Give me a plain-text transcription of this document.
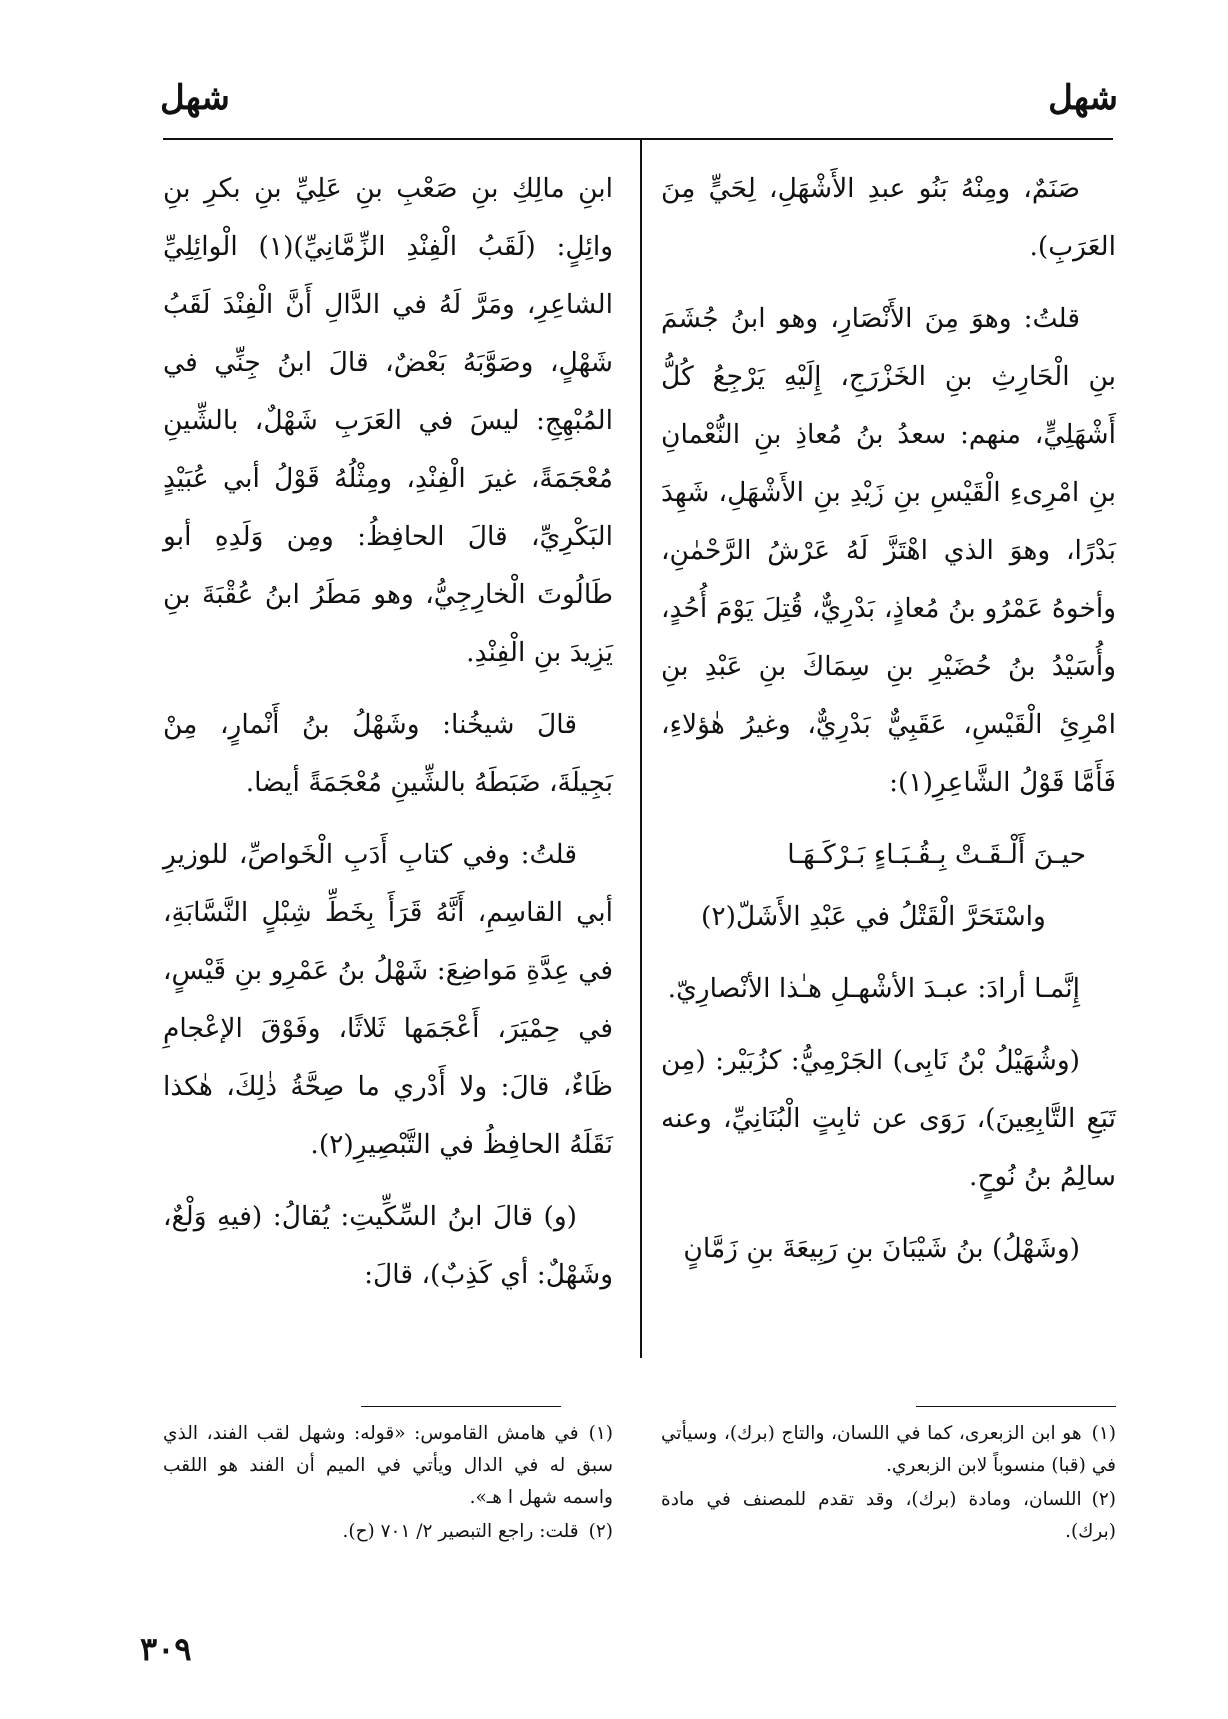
شهل
شهل

صَنَمٌ، ومِنْهُ بَنُو عبدِ الأَشْهَلِ، لِحَيٍّ مِنَ العَرَبِ).

قلتُ: وهوَ مِنَ الأَنْصَارِ، وهو ابنُ جُشَمَ بنِ الْحَارِثِ بنِ الخَزْرَجِ، إِلَيْهِ يَرْجِعُ كُلُّ أَشْهَلِيٍّ، منهم: سعدُ بنُ مُعاذِ بنِ النُّعْمانِ بنِ امْرِىءِ الْقَيْسِ بنِ زَيْدِ بنِ الأَشْهَلِ، شَهِدَ بَدْرًا، وهوَ الذي اهْتَزَّ لَهُ عَرْشُ الرَّحْمٰنِ، وأخوهُ عَمْرُو بنُ مُعاذٍ، بَدْرِيٌّ، قُتِلَ يَوْمَ أُحُدٍ، وأُسَيْدُ بنُ حُضَيْرِ بنِ سِمَاكَ بنِ عَبْدِ بنِ امْرِئِ الْقَيْسِ، عَقَبِيٌّ بَدْرِيٌّ، وغيرُ هٰؤلاءِ، فَأَمَّا قَوْلُ الشَّاعِرِ(١):

حيـنَ أَلْـقَـتْ بِـقُـبَـاءٍ بَـرْكَـهَـا

واسْتَحَرَّ الْقَتْلُ في عَبْدِ الأَشَلّ(٢)

إِنَّمـا أرادَ: عبـدَ الأشْهـلِ هـٰذا الأنْصارِيّ.

(وشُهَيْلُ بْنُ نَابِى) الجَرْمِيُّ: كزُبَيْر: (مِن تَبَعِ التَّابِعِينَ)، رَوَى عن ثابِتٍ الْبُنَانِيِّ، وعنه سالِمُ بنُ نُوحٍ.

(وشَهْلُ) بنُ شَيْبَانَ بنِ رَبِيعَةَ بنِ زَمَّانٍ

ابنِ مالِكِ بنِ صَعْبِ بنِ عَلِيِّ بنِ بكرِ بنِ وائِلٍ: (لَقَبُ الْفِنْدِ الزِّمَّانِيِّ)(١) الْوائِلِيِّ الشاعِرِ، ومَرَّ لَهُ في الدَّالِ أَنَّ الْفِنْدَ لَقَبُ شَهْلٍ، وصَوَّبَهُ بَعْضٌ، قالَ ابنُ جِنِّي في المُبْهِجِ: ليسَ في العَرَبِ شَهْلٌ، بالشِّينِ مُعْجَمَةً، غيرَ الْفِنْدِ، ومِثْلُهُ قَوْلُ أبي عُبَيْدٍ البَكْرِيِّ، قالَ الحافِظُ: ومِن وَلَدِهِ أبو طَالُوتَ الْخارِجِيُّ، وهو مَطَرُ ابنُ عُقْبَةَ بنِ يَزِيدَ بنِ الْفِنْدِ.

قالَ شيخُنا: وشَهْلُ بنُ أَنْمارٍ، مِنْ بَجِيلَةَ، ضَبَطَهُ بالشِّينِ مُعْجَمَةً أيضا.

قلتُ: وفي كتابِ أَدَبِ الْخَواصِّ، للوزيرِ أبي القاسِمِ، أَنَّهُ قَرَأَ بِخَطِّ شِبْلٍ النَّسَّابَةِ، في عِدَّةِ مَواضِعَ: شَهْلُ بنُ عَمْرِو بنِ قَيْسٍ، في حِمْيَرَ، أَعْجَمَها ثَلاثًا، وفَوْقَ الإعْجامِ ظَاءٌ، قالَ: ولا أَدْري ما صِحَّةُ ذٰلِكَ، هٰكذا نَقَلَهُ الحافِظُ في التَّبْصِيرِ(٢).

(و) قالَ ابنُ السِّكِّيتِ: يُقالُ: (فيهِ وَلْعٌ، وشَهْلٌ: أي كَذِبٌ)، قالَ:

(١)هو ابن الزبعرى، كما في اللسان، والتاج (برك)، وسيأتي في (قبا) منسوباً لابن الزبعري.

(٢)اللسان، ومادة (برك)، وقد تقدم للمصنف في مادة (برك).

(١)في هامش القاموس: «قوله: وشهل لقب الفند، الذي سبق له في الدال ويأتي في الميم أن الفند هو اللقب واسمه شهل ا هـ».

(٢)قلت: راجع التبصير ٢/ ٧٠١ (ح).

٣٠٩
